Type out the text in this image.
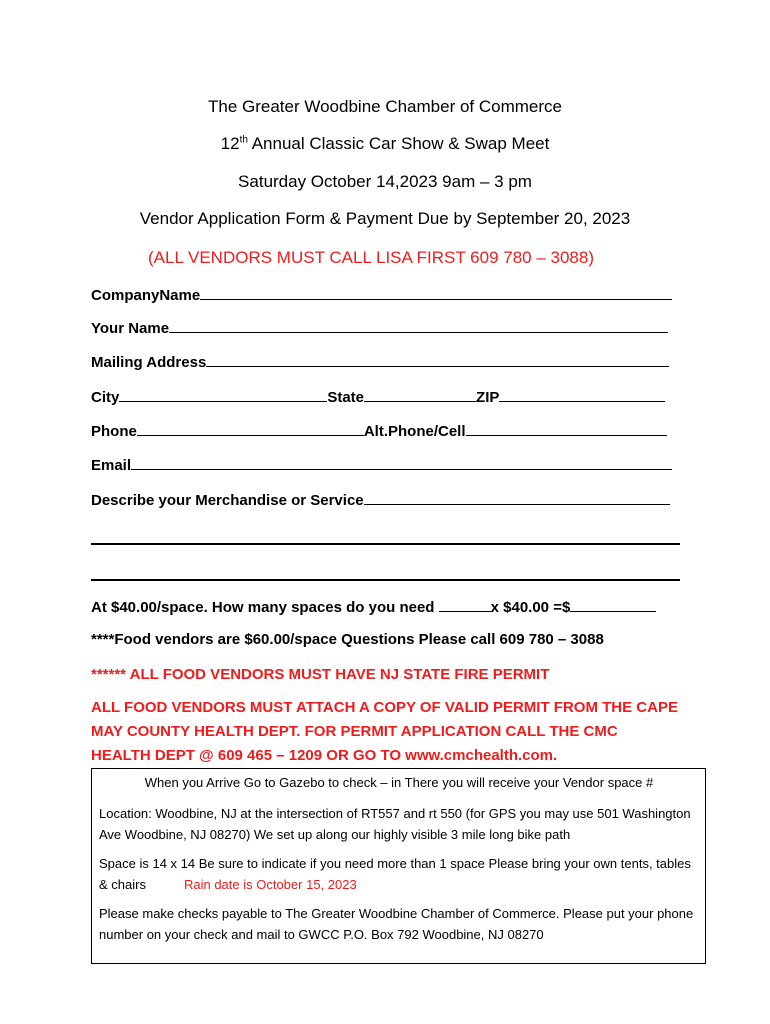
The Greater Woodbine Chamber of Commerce
12th Annual Classic Car Show & Swap Meet
Saturday October 14,2023 9am – 3 pm
Vendor Application Form & Payment Due by September 20, 2023
(ALL VENDORS MUST CALL LISA FIRST 609 780 – 3088)
CompanyName
Your Name
Mailing Address
City	State	ZIP
Phone	Alt.Phone/Cell
Email
Describe your Merchandise or Service
At $40.00/space. How many spaces do you need	x $40.00 =$
****Food vendors are $60.00/space Questions Please call 609 780 – 3088
****** ALL FOOD VENDORS MUST HAVE NJ STATE FIRE PERMIT
ALL FOOD VENDORS MUST ATTACH A COPY OF VALID PERMIT FROM THE CAPE MAY COUNTY HEALTH DEPT. FOR PERMIT APPLICATION CALL THE CMC HEALTH DEPT @ 609 465 – 1209 OR GO TO www.cmchealth.com.
When you Arrive Go to Gazebo to check – in There you will receive your Vendor space #
Location: Woodbine, NJ at the intersection of RT557 and rt 550 (for GPS you may use 501 Washington Ave Woodbine, NJ 08270) We set up along our highly visible 3 mile long bike path
Space is 14 x 14 Be sure to indicate if you need more than 1 space Please bring your own tents, tables & chairs	Rain date is October 15, 2023
Please make checks payable to The Greater Woodbine Chamber of Commerce. Please put your phone number on your check and mail to GWCC P.O. Box 792 Woodbine, NJ 08270
